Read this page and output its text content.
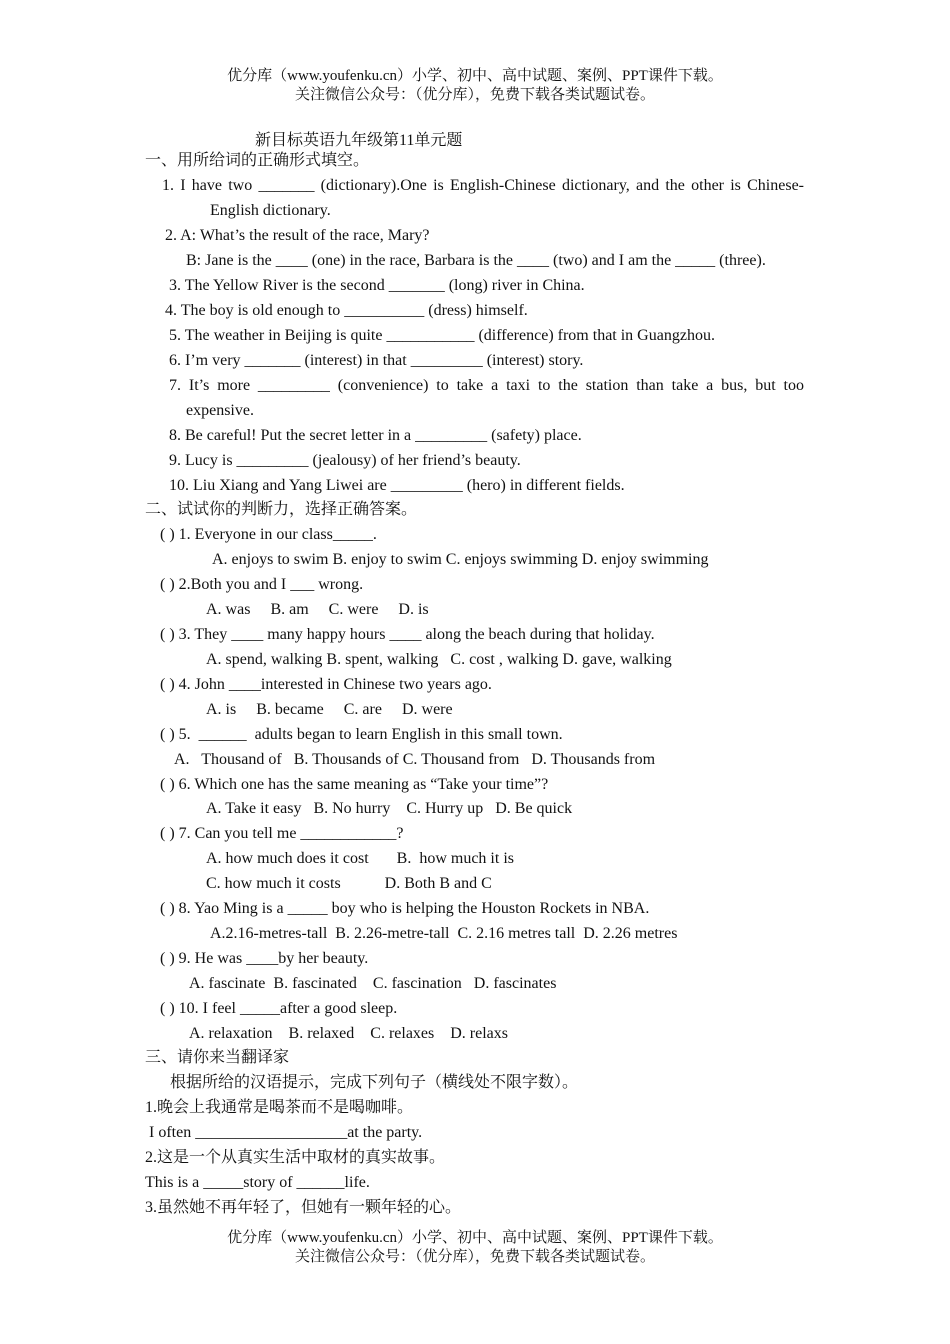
优分库（www.youfenku.cn）小学、初中、高中试题、案例、PPT课件下载。
关注微信公众号：（优分库），免费下载各类试题试卷。
新目标英语九年级第11单元题
一、用所给词的正确形式填空。
1. I have two _______ (dictionary).One is English-Chinese dictionary, and the other is Chinese-
English dictionary.
2. A: What’s the result of the race, Mary?
B: Jane is the ____ (one) in the race, Barbara is the ____ (two) and I am the _____ (three).
3. The Yellow River is the second _______ (long) river in China.
4. The boy is old enough to __________ (dress) himself.
5. The weather in Beijing is quite ___________ (difference) from that in Guangzhou.
6. I’m very _______ (interest) in that _________ (interest) story.
7. It’s more _________ (convenience) to take a taxi to the station than take a bus, but too
expensive.
8. Be careful! Put the secret letter in a _________ (safety) place.
9. Lucy is _________ (jealousy) of her friend’s beauty.
10. Liu Xiang and Yang Liwei are _________ (hero) in different fields.
二、试试你的判断力，选择正确答案。
( ) 1. Everyone in our class_____.
A. enjoys to swim B. enjoy to swim C. enjoys swimming D. enjoy swimming
( ) 2.Both you and I ___ wrong.
A. was     B. am     C. were     D. is
( ) 3. They ____ many happy hours ____ along the beach during that holiday.
A. spend, walking B. spent, walking   C. cost , walking D. gave, walking
( ) 4. John ____interested in Chinese two years ago.
A. is     B. became     C. are     D. were
( ) 5.  ______  adults began to learn English in this small town.
A.   Thousand of   B. Thousands of C. Thousand from   D. Thousands from
( ) 6. Which one has the same meaning as “Take your time”?
A. Take it easy   B. No hurry    C. Hurry up   D. Be quick
( ) 7. Can you tell me ____________?
A. how much does it cost       B.  how much it is
C. how much it costs           D. Both B and C
( ) 8. Yao Ming is a _____ boy who is helping the Houston Rockets in NBA.
A.2.16-metres-tall  B. 2.26-metre-tall  C. 2.16 metres tall  D. 2.26 metres
( ) 9. He was ____by her beauty.
A. fascinate  B. fascinated    C. fascination   D. fascinates
( ) 10. I feel _____after a good sleep.
A. relaxation    B. relaxed    C. relaxes    D. relaxs
三、请你来当翻译家
根据所给的汉语提示，完成下列句子（横线处不限字数）。
1.晚会上我通常是喝茶而不是喝咖啡。
I often ___________________at the party.
2.这是一个从真实生活中取材的真实故事。
This is a _____story of ______life.
3.虽然她不再年轻了，但她有一颗年轻的心。
优分库（www.youfenku.cn）小学、初中、高中试题、案例、PPT课件下载。
关注微信公众号：（优分库），免费下载各类试题试卷。
